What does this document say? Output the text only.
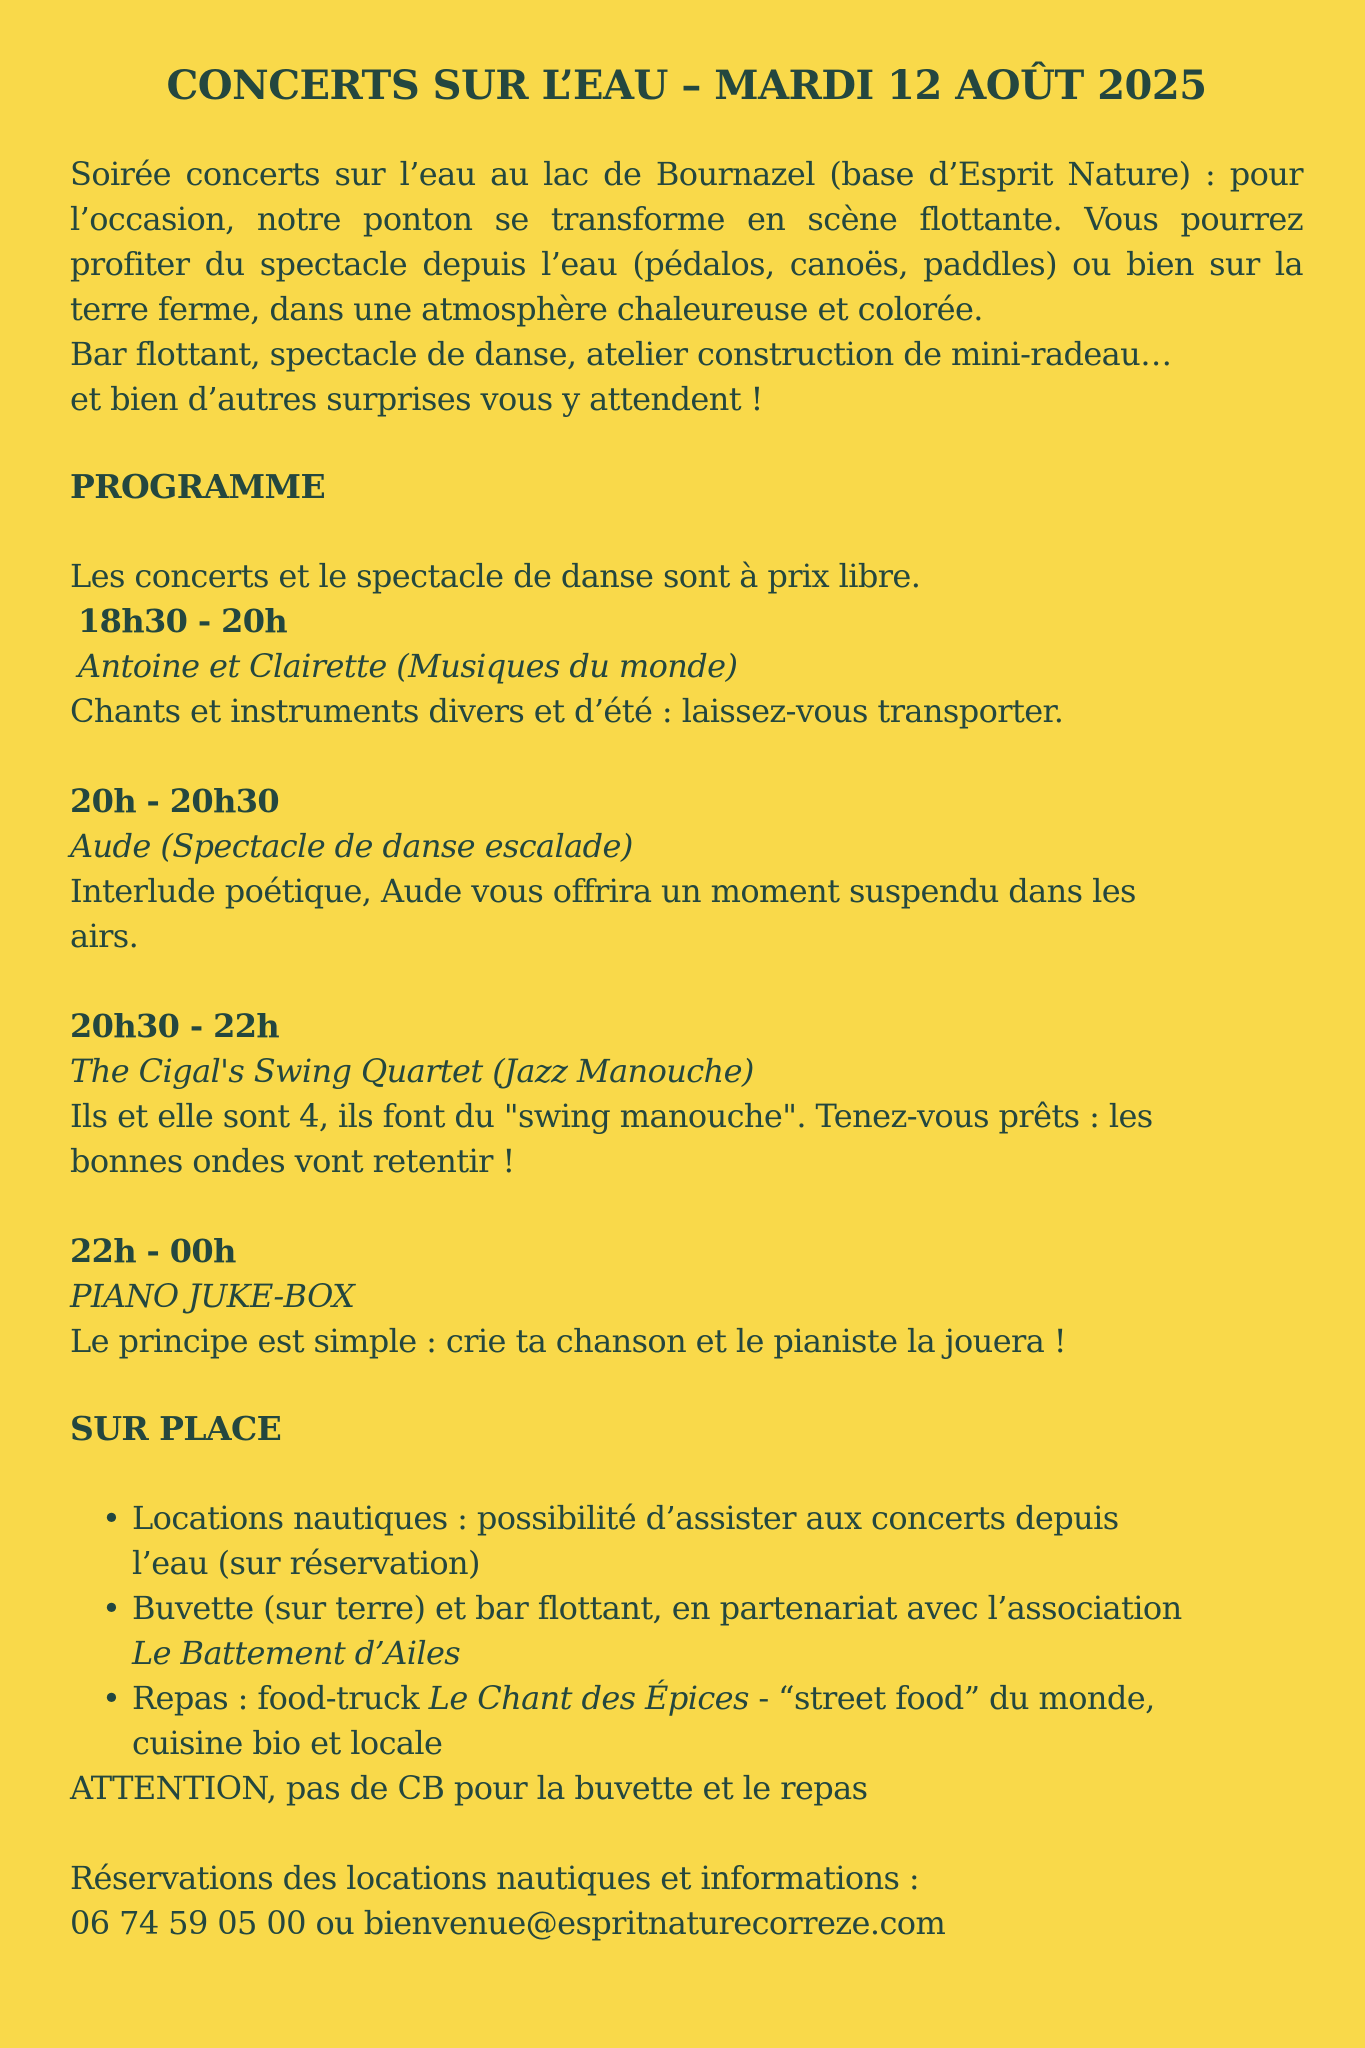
CONCERTS SUR L’EAU – MARDI 12 AOÛT 2025

Soirée concerts sur l’eau au lac de Bournazel (base d’Esprit Nature) : pour l’occasion, notre ponton se transforme en scène flottante. Vous pourrez profiter du spectacle depuis l’eau (pédalos, canoës, paddles) ou bien sur la terre ferme, dans une atmosphère chaleureuse et colorée.

Bar flottant, spectacle de danse, atelier construction de mini-radeau…

et bien d’autres surprises vous y attendent !

PROGRAMME

Les concerts et le spectacle de danse sont à prix libre.

18h30 - 20h

Antoine et Clairette (Musiques du monde)

Chants et instruments divers et d’été : laissez-vous transporter.

20h - 20h30

Aude (Spectacle de danse escalade)

Interlude poétique, Aude vous offrira un moment suspendu dans les

airs.

20h30 - 22h

The Cigal's Swing Quartet (Jazz Manouche)

Ils et elle sont 4, ils font du "swing manouche". Tenez-vous prêts : les

bonnes ondes vont retentir !

22h - 00h

PIANO JUKE-BOX

Le principe est simple : crie ta chanson et le pianiste la jouera !

SUR PLACE
• Locations nautiques : possibilité d’assister aux concerts depuis
l’eau (sur réservation)
• Buvette (sur terre) et bar flottant, en partenariat avec l’association
Le Battement d’Ailes
• Repas : food-truck Le Chant des Épices - “street food” du monde,
cuisine bio et locale

ATTENTION, pas de CB pour la buvette et le repas

Réservations des locations nautiques et informations :

06 74 59 05 00 ou bienvenue@espritnaturecorreze.com
